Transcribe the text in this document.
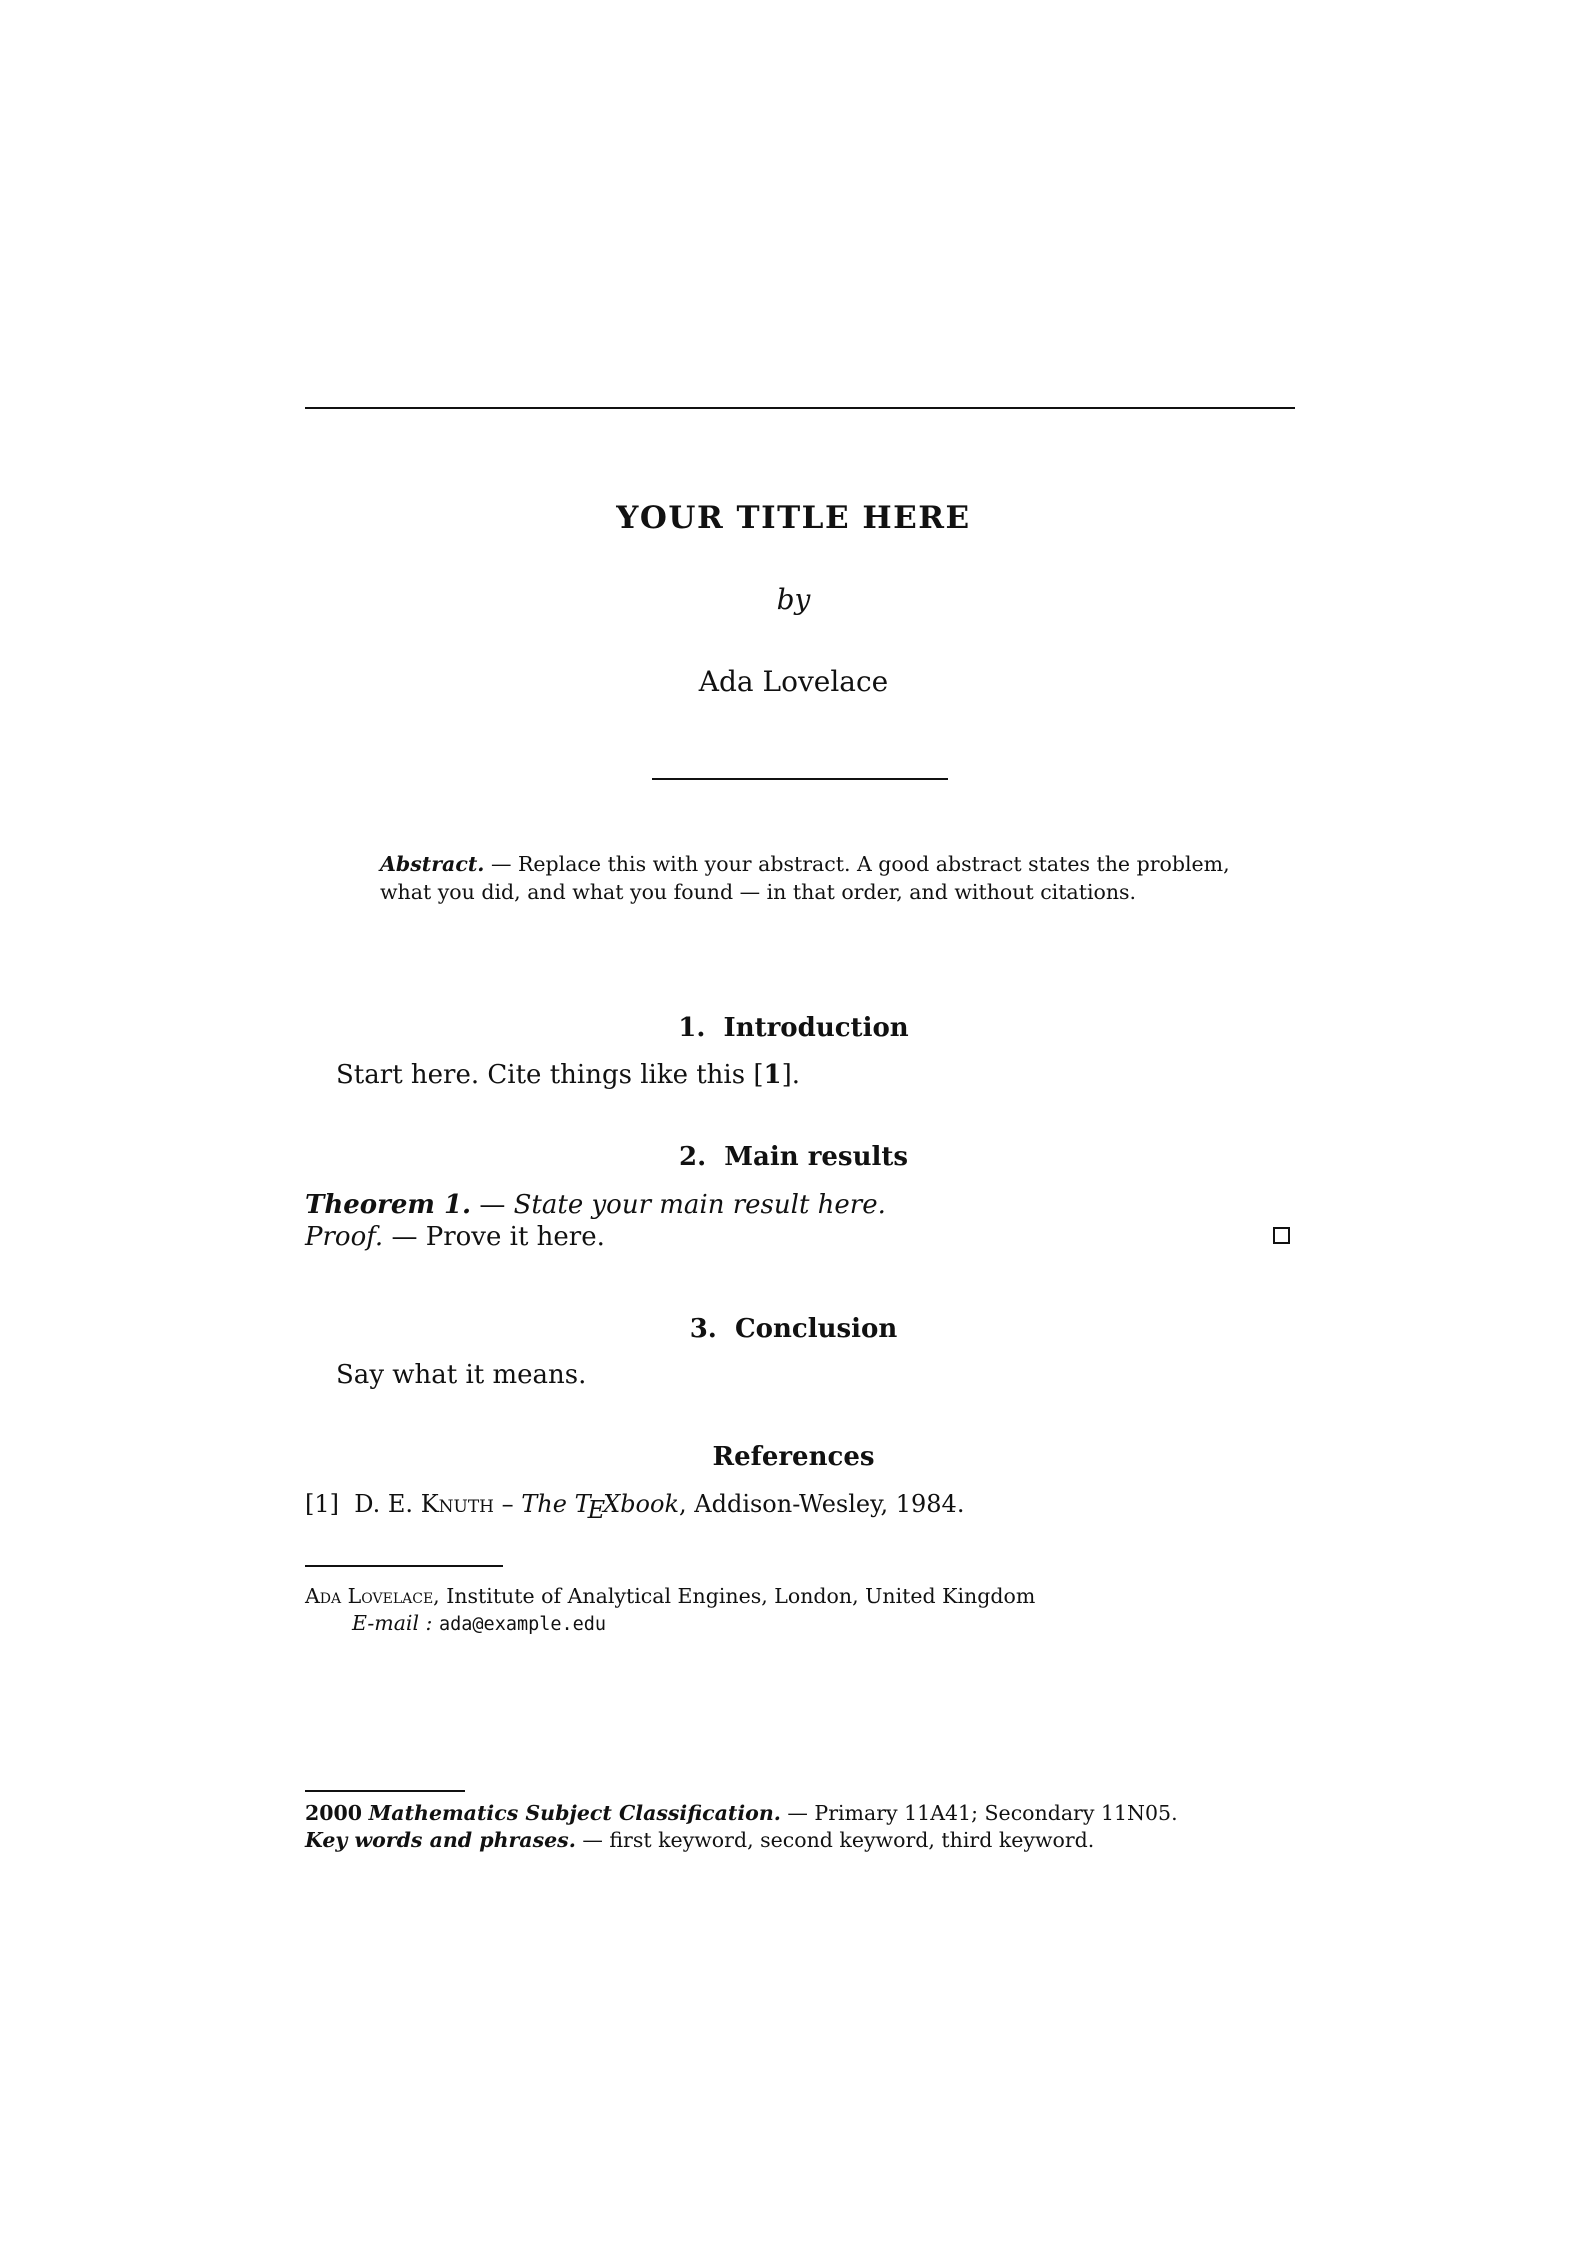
YOUR TITLE HERE
by
Ada Lovelace
Abstract. — Replace this with your abstract. A good abstract states the problem,
what you did, and what you found — in that order, and without citations.
1.  Introduction
Start here. Cite things like this [1].
2.  Main results
Theorem 1. — State your main result here.
Proof. — Prove it here.
3.  Conclusion
Say what it means.
References
[1] D. E. Knuth – The TEXbook, Addison-Wesley, 1984.
Ada Lovelace, Institute of Analytical Engines, London, United Kingdom
E-mail : ada@example.edu
2000 Mathematics Subject Classification. — Primary 11A41; Secondary 11N05.
Key words and phrases. — first keyword, second keyword, third keyword.
